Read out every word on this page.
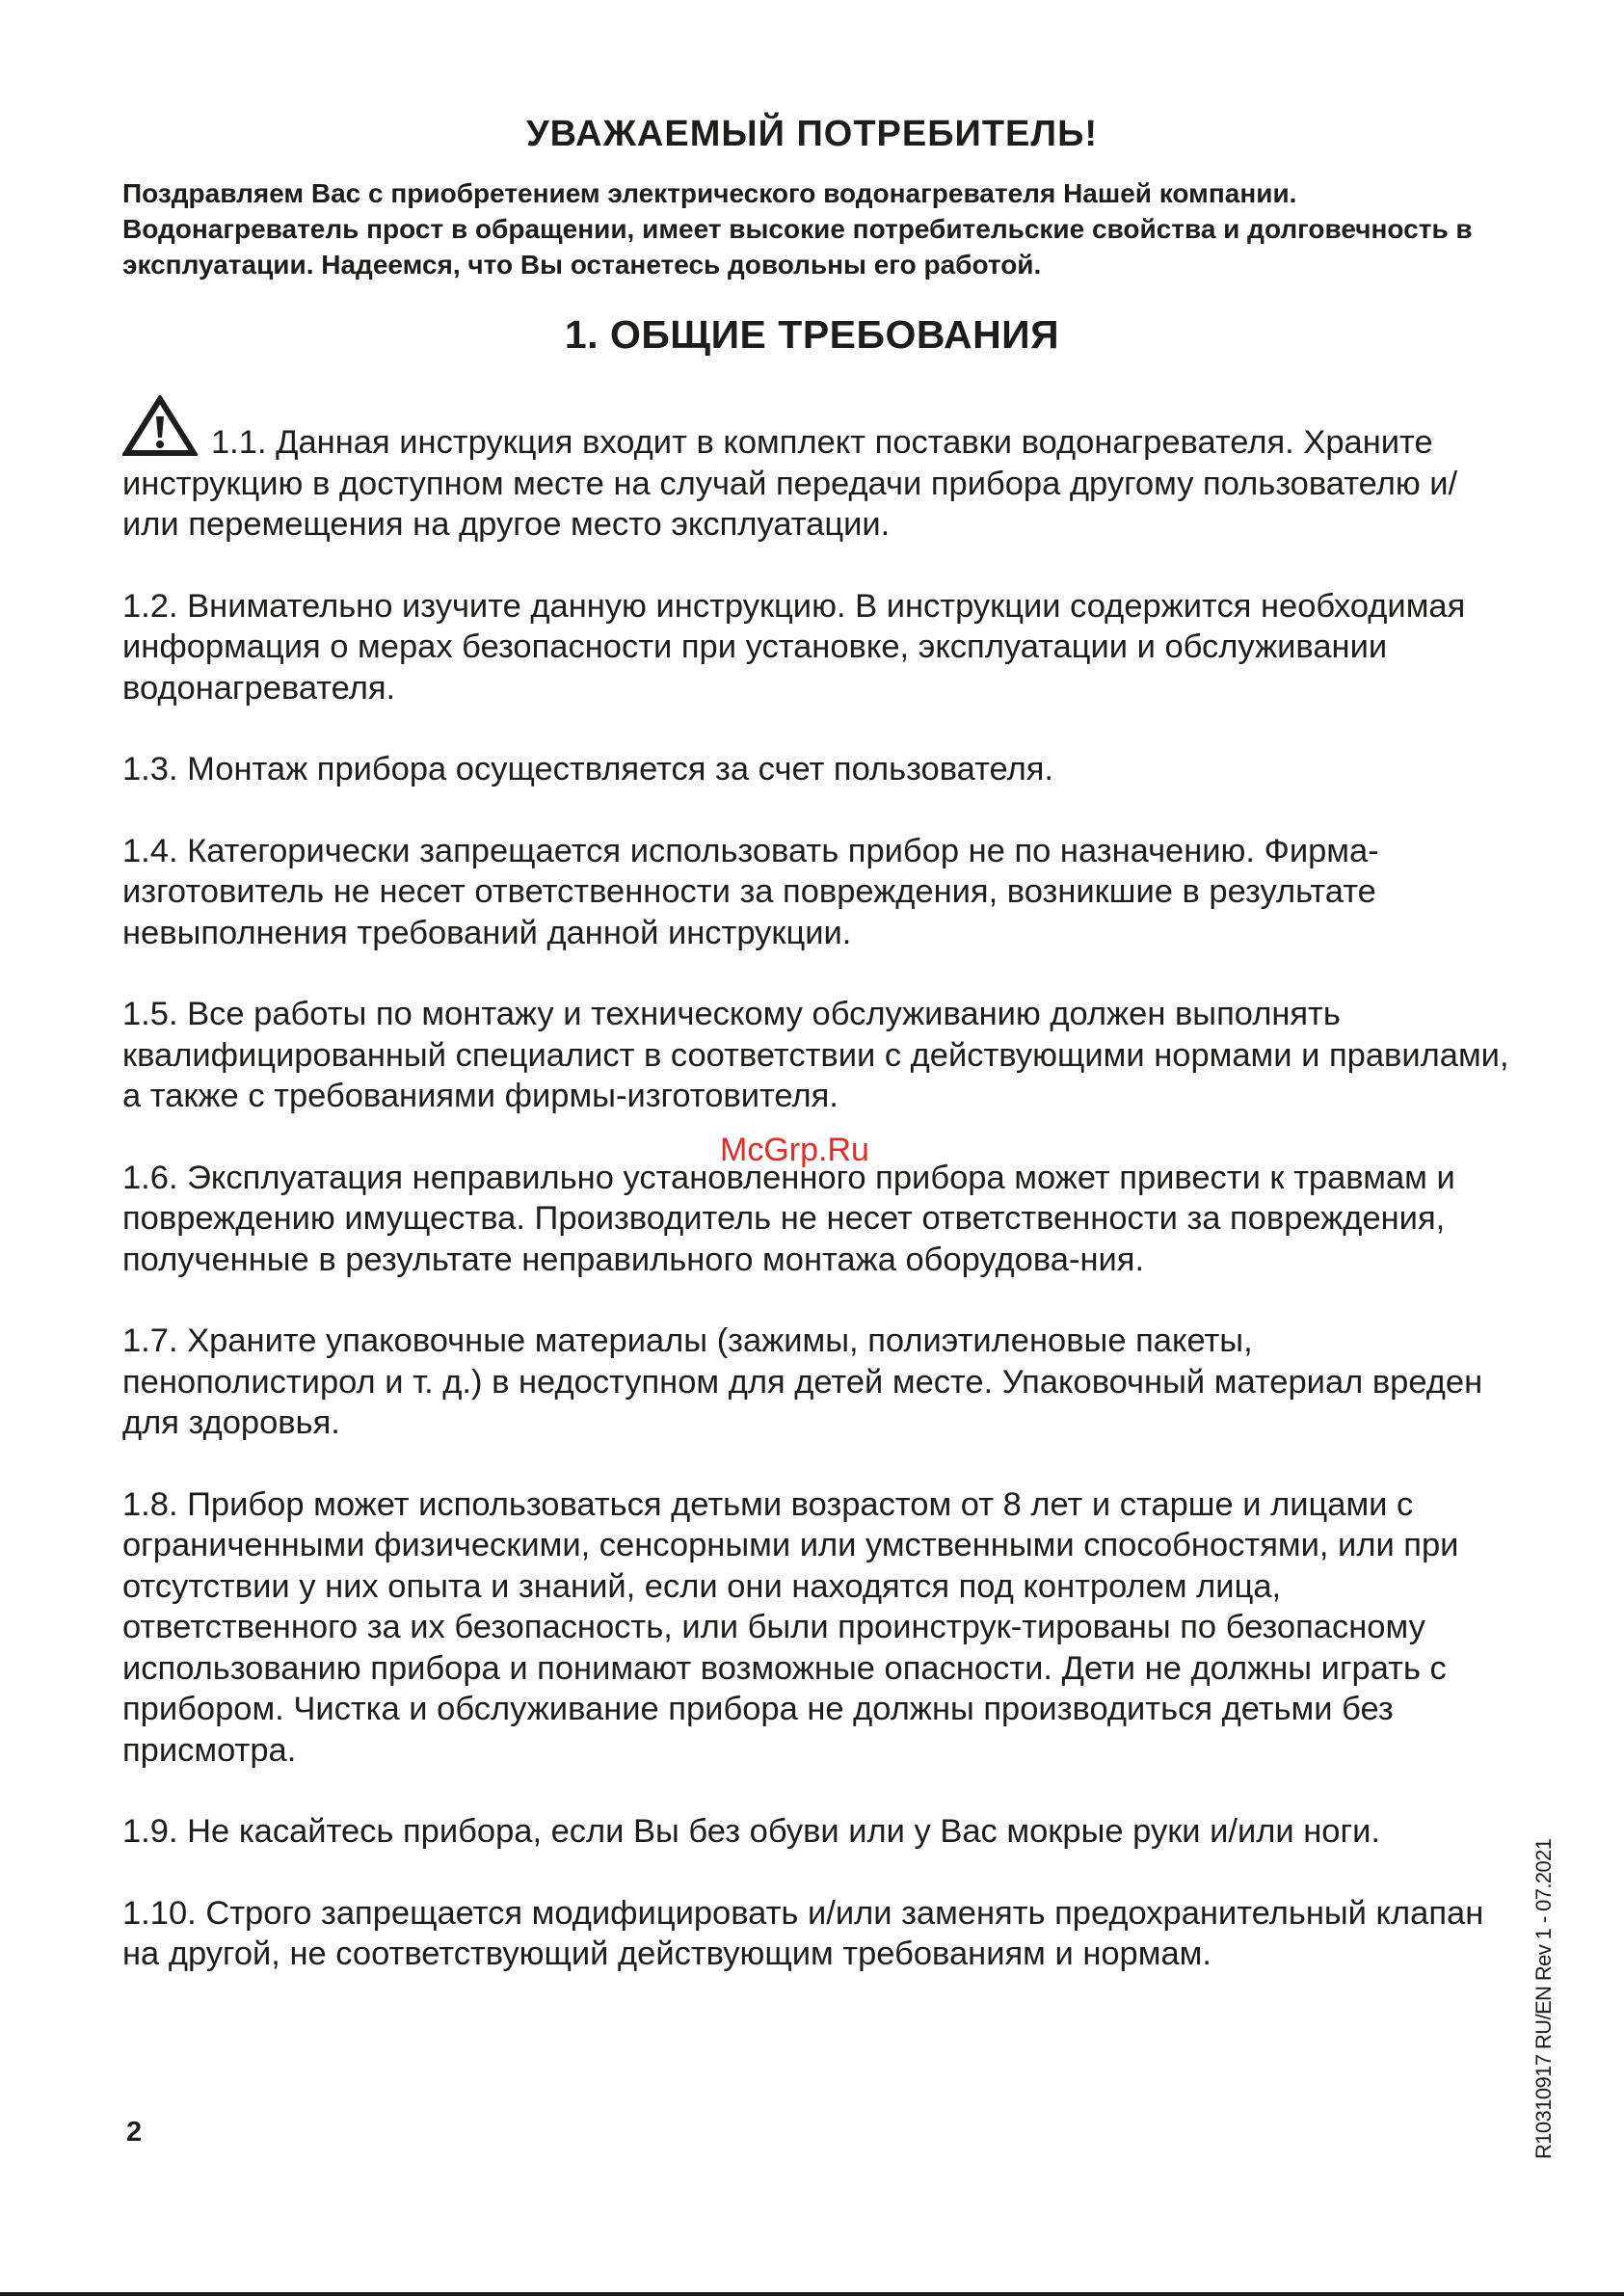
УВАЖАЕМЫЙ ПОТРЕБИТЕЛЬ!

Поздравляем Вас с приобретением электрического водонагревателя Нашей компании. Водонагреватель прост в обращении, имеет высокие потребительские свойства и долговечность в эксплуатации. Надеемся, что Вы останетесь довольны его работой.

1. ОБЩИЕ ТРЕБОВАНИЯ

1.1. Данная инструкция входит в комплект поставки водонагревателя. Храните инструкцию в доступном месте на случай передачи прибора другому пользователю и/или перемещения на другое место эксплуатации.

1.2. Внимательно изучите данную инструкцию. В инструкции содержится необходимая информация о мерах безопасности при установке, эксплуатации и обслуживании водонагревателя.

1.3. Монтаж прибора осуществляется за счет пользователя.

1.4. Категорически запрещается использовать прибор не по назначению. Фирма-изготовитель не несет ответственности за повреждения, возникшие в результате невыполнения требований данной инструкции.

1.5. Все работы по монтажу и техническому обслуживанию должен выполнять квалифицированный специалист в соответствии с действующими нормами и правилами, а также с требованиями фирмы-изготовителя.

1.6. Эксплуатация неправильно установленного прибора может привести к травмам и повреждению имущества. Производитель не несет ответственности за повреждения, полученные в результате неправильного монтажа оборудова-ния.

1.7. Храните упаковочные материалы (зажимы, полиэтиленовые пакеты, пенополистирол и т. д.) в недоступном для детей месте. Упаковочный материал вреден для здоровья.

1.8. Прибор может использоваться детьми возрастом от 8 лет и старше и лицами с ограниченными физическими, сенсорными или умственными способностями, или при отсутствии у них опыта и знаний, если они находятся под контролем лица, ответственного за их безопасность, или были проинструк-тированы по безопасному использованию прибора и понимают возможные опасности. Дети не должны играть с прибором. Чистка и обслуживание прибора не должны производиться детьми без присмотра.

1.9. Не касайтесь прибора, если Вы без обуви или у Вас мокрые руки и/или ноги.

1.10. Строго запрещается модифицировать и/или заменять предохранительный клапан на другой, не соответствующий действующим требованиям и нормам.

McGrp.Ru
2	R10310917 RU/EN Rev 1 - 07.2021
